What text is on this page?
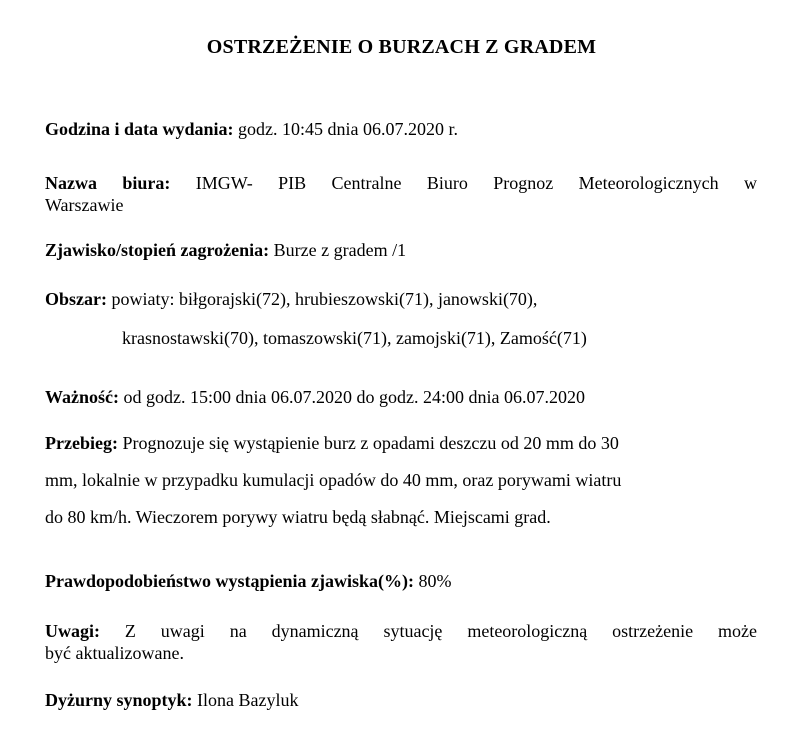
OSTRZEŻENIE O BURZACH Z GRADEM
Godzina i data wydania: godz. 10:45 dnia 06.07.2020 r.
Nazwa biura: IMGW- PIB Centralne Biuro Prognoz Meteorologicznych w
Warszawie
Zjawisko/stopień zagrożenia: Burze z gradem /1
Obszar: powiaty: biłgorajski(72), hrubieszowski(71), janowski(70),
krasnostawski(70), tomaszowski(71), zamojski(71), Zamość(71)
Ważność: od godz. 15:00 dnia 06.07.2020 do godz. 24:00 dnia 06.07.2020
Przebieg: Prognozuje się wystąpienie burz z opadami deszczu od 20 mm do 30
mm, lokalnie w przypadku kumulacji opadów do 40 mm, oraz porywami wiatru
do 80 km/h. Wieczorem porywy wiatru będą słabnąć. Miejscami grad.
Prawdopodobieństwo wystąpienia zjawiska(%): 80%
Uwagi: Z uwagi na dynamiczną sytuację meteorologiczną ostrzeżenie może
być aktualizowane.
Dyżurny synoptyk: Ilona Bazyluk
